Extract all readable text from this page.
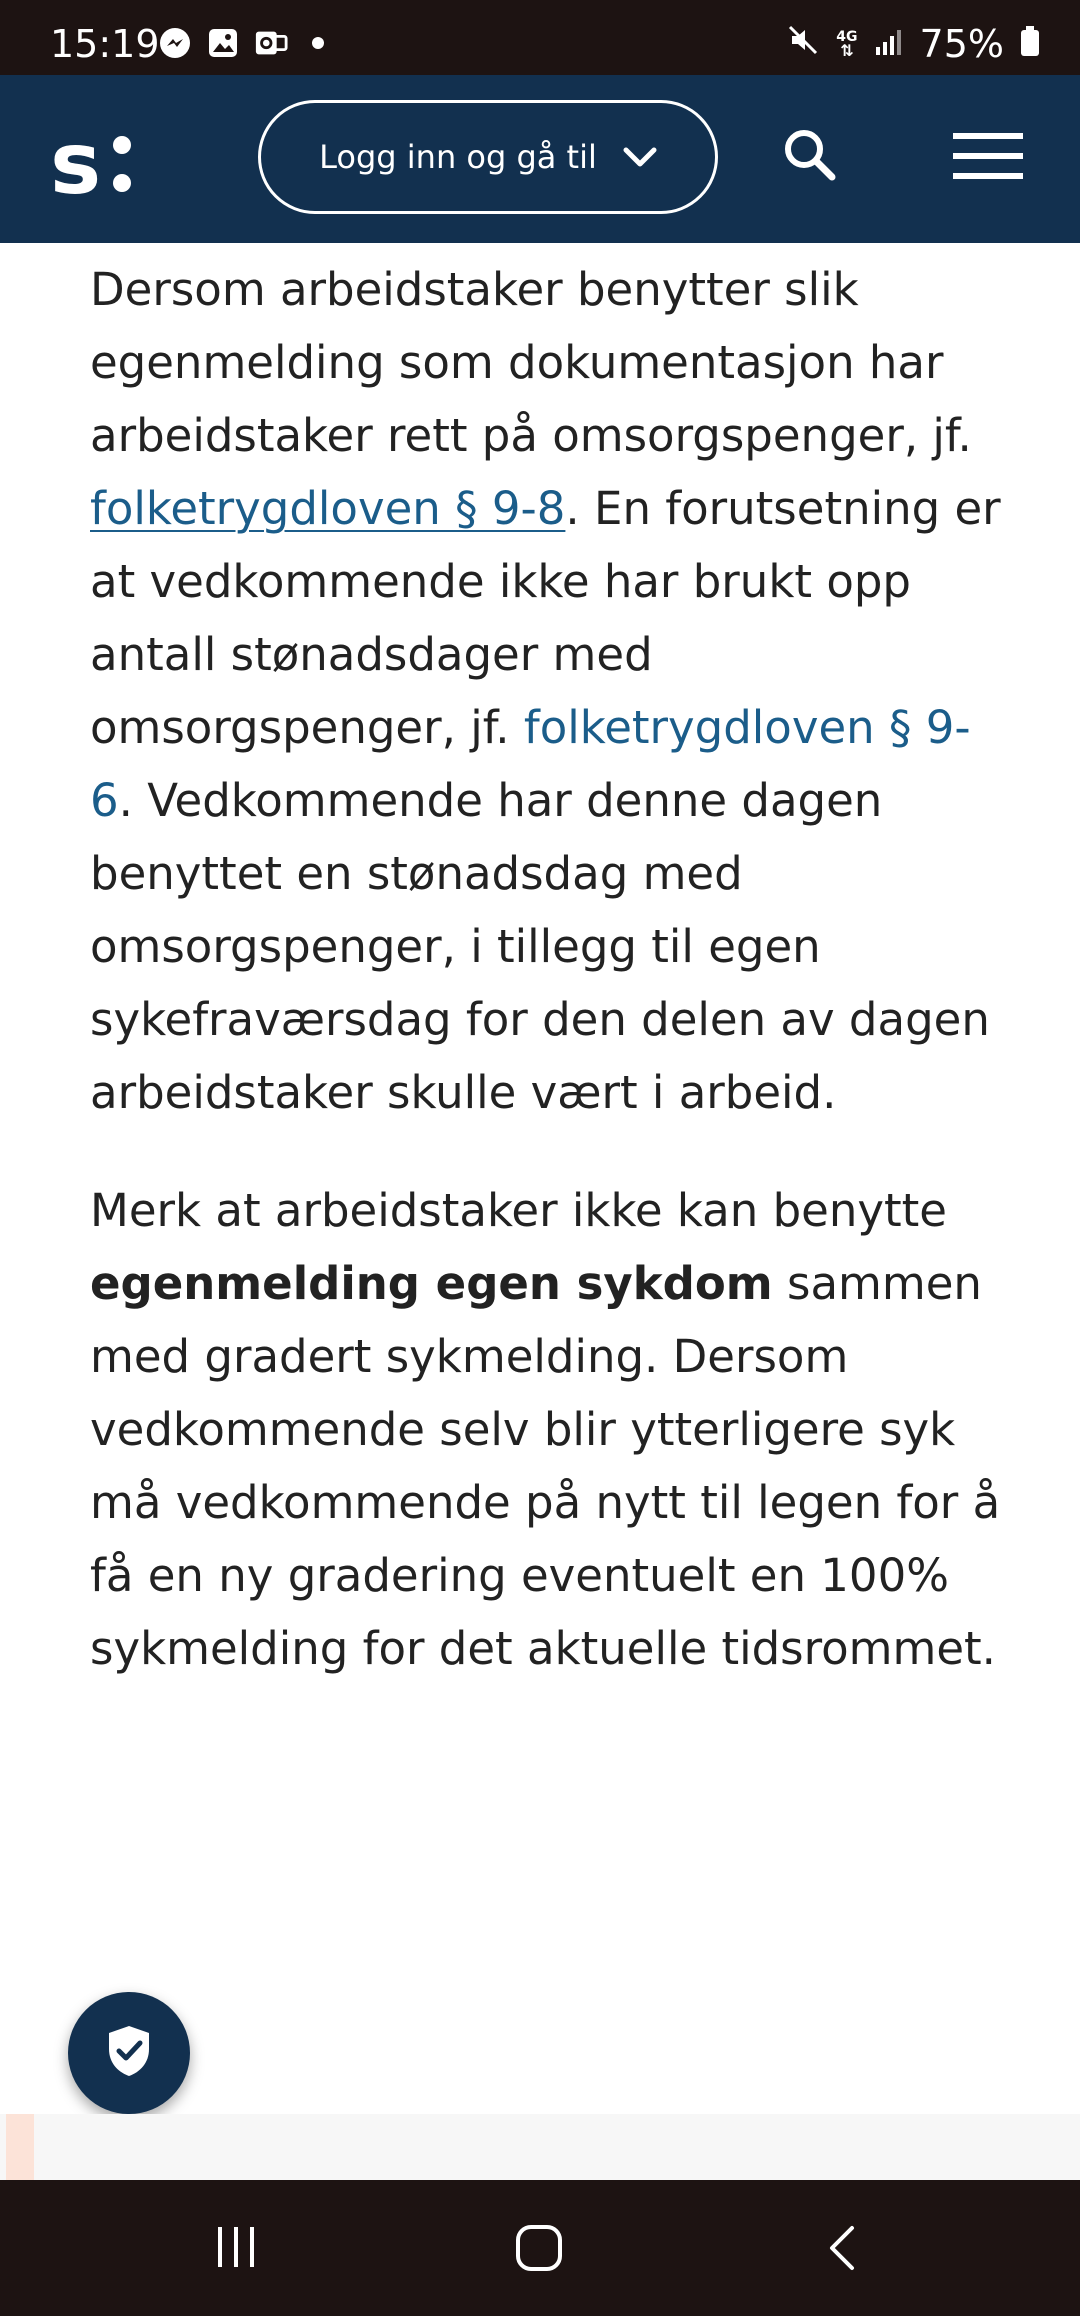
15:19	4G
⇅ 75%
s	Logg inn og gå til

Dersom arbeidstaker benytter slik egenmelding som dokumentasjon har arbeidstaker rett på omsorgspenger, jf. folketrygdloven § 9-8. En forutsetning er at vedkommende ikke har brukt opp antall stønadsdager med omsorgspenger, jf. folketrygdloven § 9-6. Vedkommende har denne dagen benyttet en stønadsdag med omsorgspenger, i tillegg til egen sykefraværsdag for den delen av dagen arbeidstaker skulle vært i arbeid.

Merk at arbeidstaker ikke kan benytte egenmelding egen sykdom sammen med gradert sykmelding. Dersom vedkommende selv blir ytterligere syk må vedkommende på nytt til legen for å få en ny gradering eventuelt en 100% sykmelding for det aktuelle tidsrommet.
